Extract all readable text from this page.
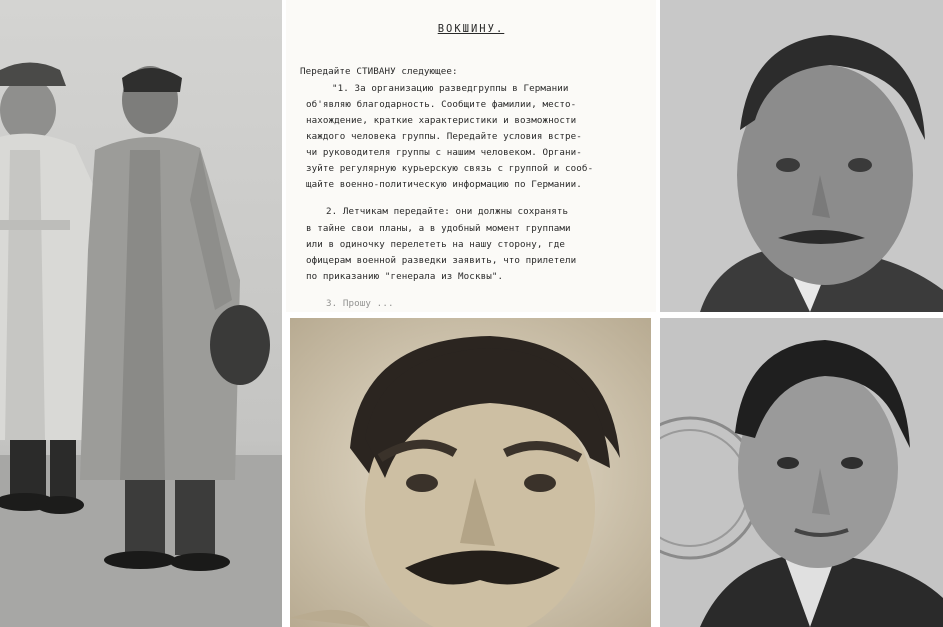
ВОКШИНУ.
Передайте СТИВАНУ следующее:
"1. За организацию разведгруппы в Германии
об'являю благодарность. Сообщите фамилии, место-
нахождение, краткие характеристики и возможности
каждого человека группы. Передайте условия встре-
чи руководителя группы с нашим человеком. Органи-
зуйте регулярную курьерскую связь с группой и сооб-
щайте военно-политическую информацию по Германии.
2. Летчикам передайте: они должны сохранять
в тайне свои планы, а в удобный момент группами
или в одиночку перелететь на нашу сторону, где
офицерам военной разведки заявить, что прилетели
по приказанию "генерала из Москвы".
3. Прошу ...
